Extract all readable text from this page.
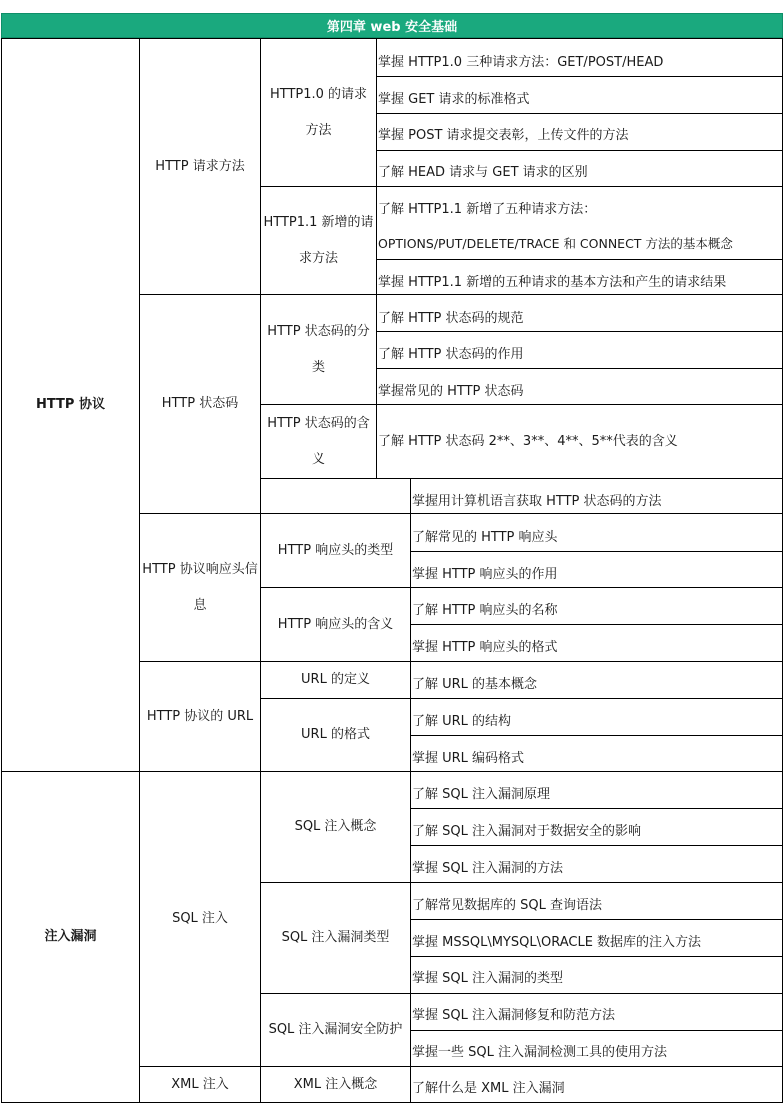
第四章 web 安全基础
HTTP 协议
注入漏洞
HTTP 请求方法
HTTP 状态码
HTTP 协议响应头信息
HTTP 协议的 URL
SQL 注入
XML 注入
HTTP1.0 的请求方法
HTTP1.1 新增的请求方法
HTTP 状态码的分类
HTTP 状态码的含义
HTTP 响应头的类型
HTTP 响应头的含义
URL 的定义
URL 的格式
SQL 注入概念
SQL 注入漏洞类型
SQL 注入漏洞安全防护
XML 注入概念
掌握 HTTP1.0 三种请求方法：GET/POST/HEAD
掌握 GET 请求的标准格式
掌握 POST 请求提交表彰，上传文件的方法
了解 HEAD 请求与 GET 请求的区别
了解 HTTP1.1 新增了五种请求方法：
OPTIONS/PUT/DELETE/TRACE 和 CONNECT 方法的基本概念
掌握 HTTP1.1 新增的五种请求的基本方法和产生的请求结果
了解 HTTP 状态码的规范
了解 HTTP 状态码的作用
掌握常见的 HTTP 状态码
了解 HTTP 状态码 2**、3**、4**、5**代表的含义
掌握用计算机语言获取 HTTP 状态码的方法
了解常见的 HTTP 响应头
掌握 HTTP 响应头的作用
了解 HTTP 响应头的名称
掌握 HTTP 响应头的格式
了解 URL 的基本概念
了解 URL 的结构
掌握 URL 编码格式
了解 SQL 注入漏洞原理
了解 SQL 注入漏洞对于数据安全的影响
掌握 SQL 注入漏洞的方法
了解常见数据库的 SQL 查询语法
掌握 MSSQL\MYSQL\ORACLE 数据库的注入方法
掌握 SQL 注入漏洞的类型
掌握 SQL 注入漏洞修复和防范方法
掌握一些 SQL 注入漏洞检测工具的使用方法
了解什么是 XML 注入漏洞
